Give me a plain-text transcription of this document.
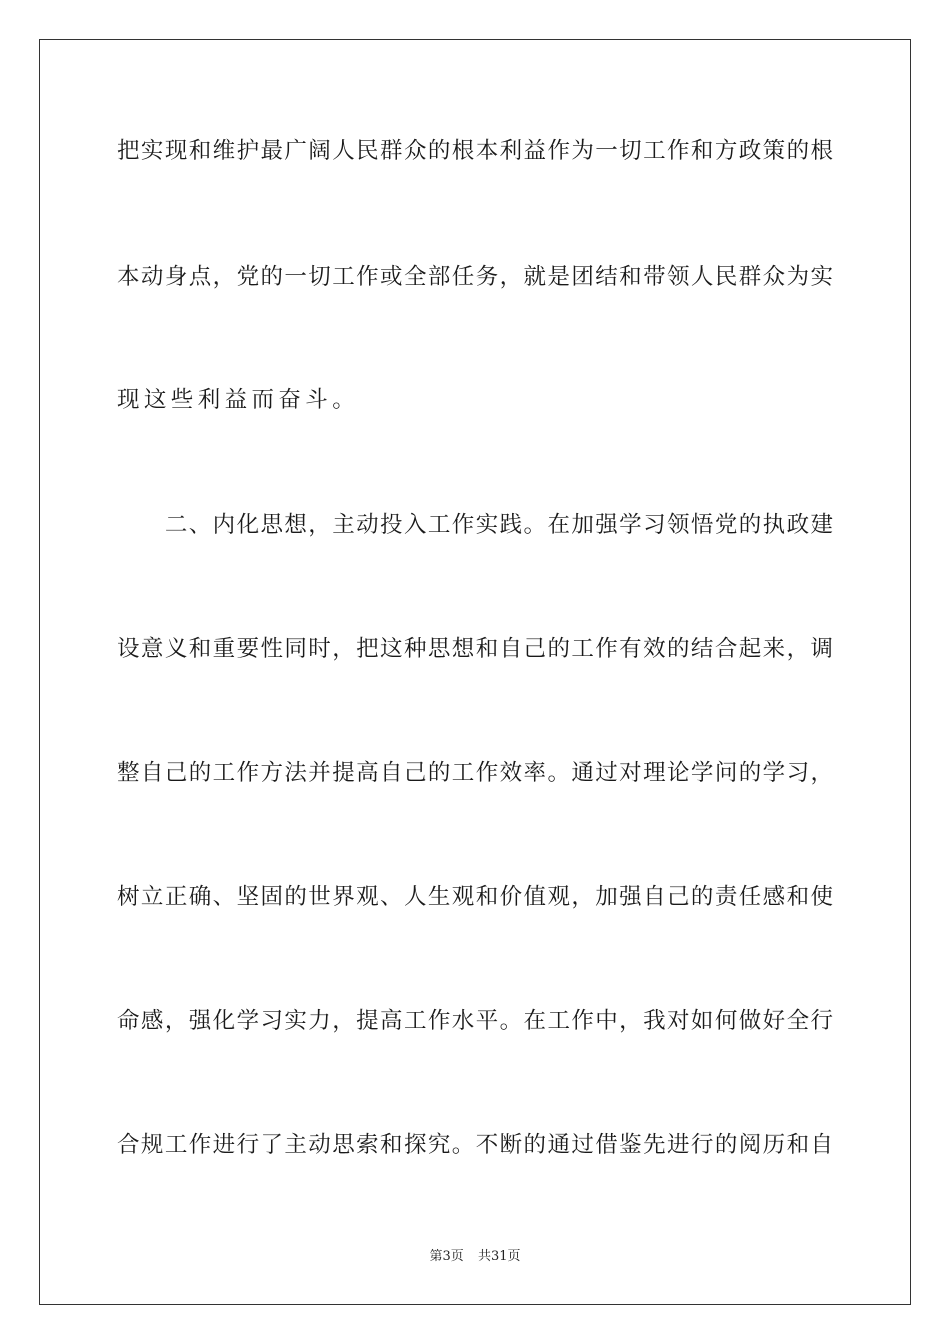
把实现和维护最广阔人民群众的根本利益作为一切工作和方政策的根
本动身点，党的一切工作或全部任务，就是团结和带领人民群众为实
现这些利益而奋斗。
　　二、内化思想，主动投入工作实践。在加强学习领悟党的执政建
设意义和重要性同时，把这种思想和自己的工作有效的结合起来，调
整自己的工作方法并提高自己的工作效率。通过对理论学问的学习，
树立正确、坚固的世界观、人生观和价值观，加强自己的责任感和使
命感，强化学习实力，提高工作水平。在工作中，我对如何做好全行
合规工作进行了主动思索和探究。不断的通过借鉴先进行的阅历和自
第3页 共31页
